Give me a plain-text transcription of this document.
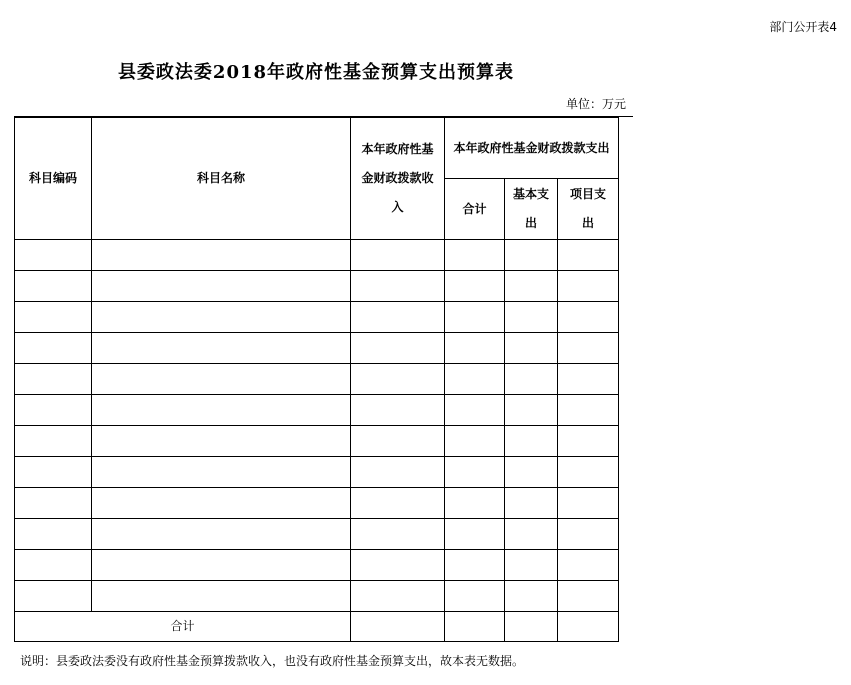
部门公开表4
县委政法委2018年政府性基金预算支出预算表
单位：万元
科目编码	科目名称	本年政府性基金财政拨款收入	本年政府性基金财政拨款支出		
			合计	基本支出	项目支出

合计					
说明：县委政法委没有政府性基金预算拨款收入，也没有政府性基金预算支出，故本表无数据。
